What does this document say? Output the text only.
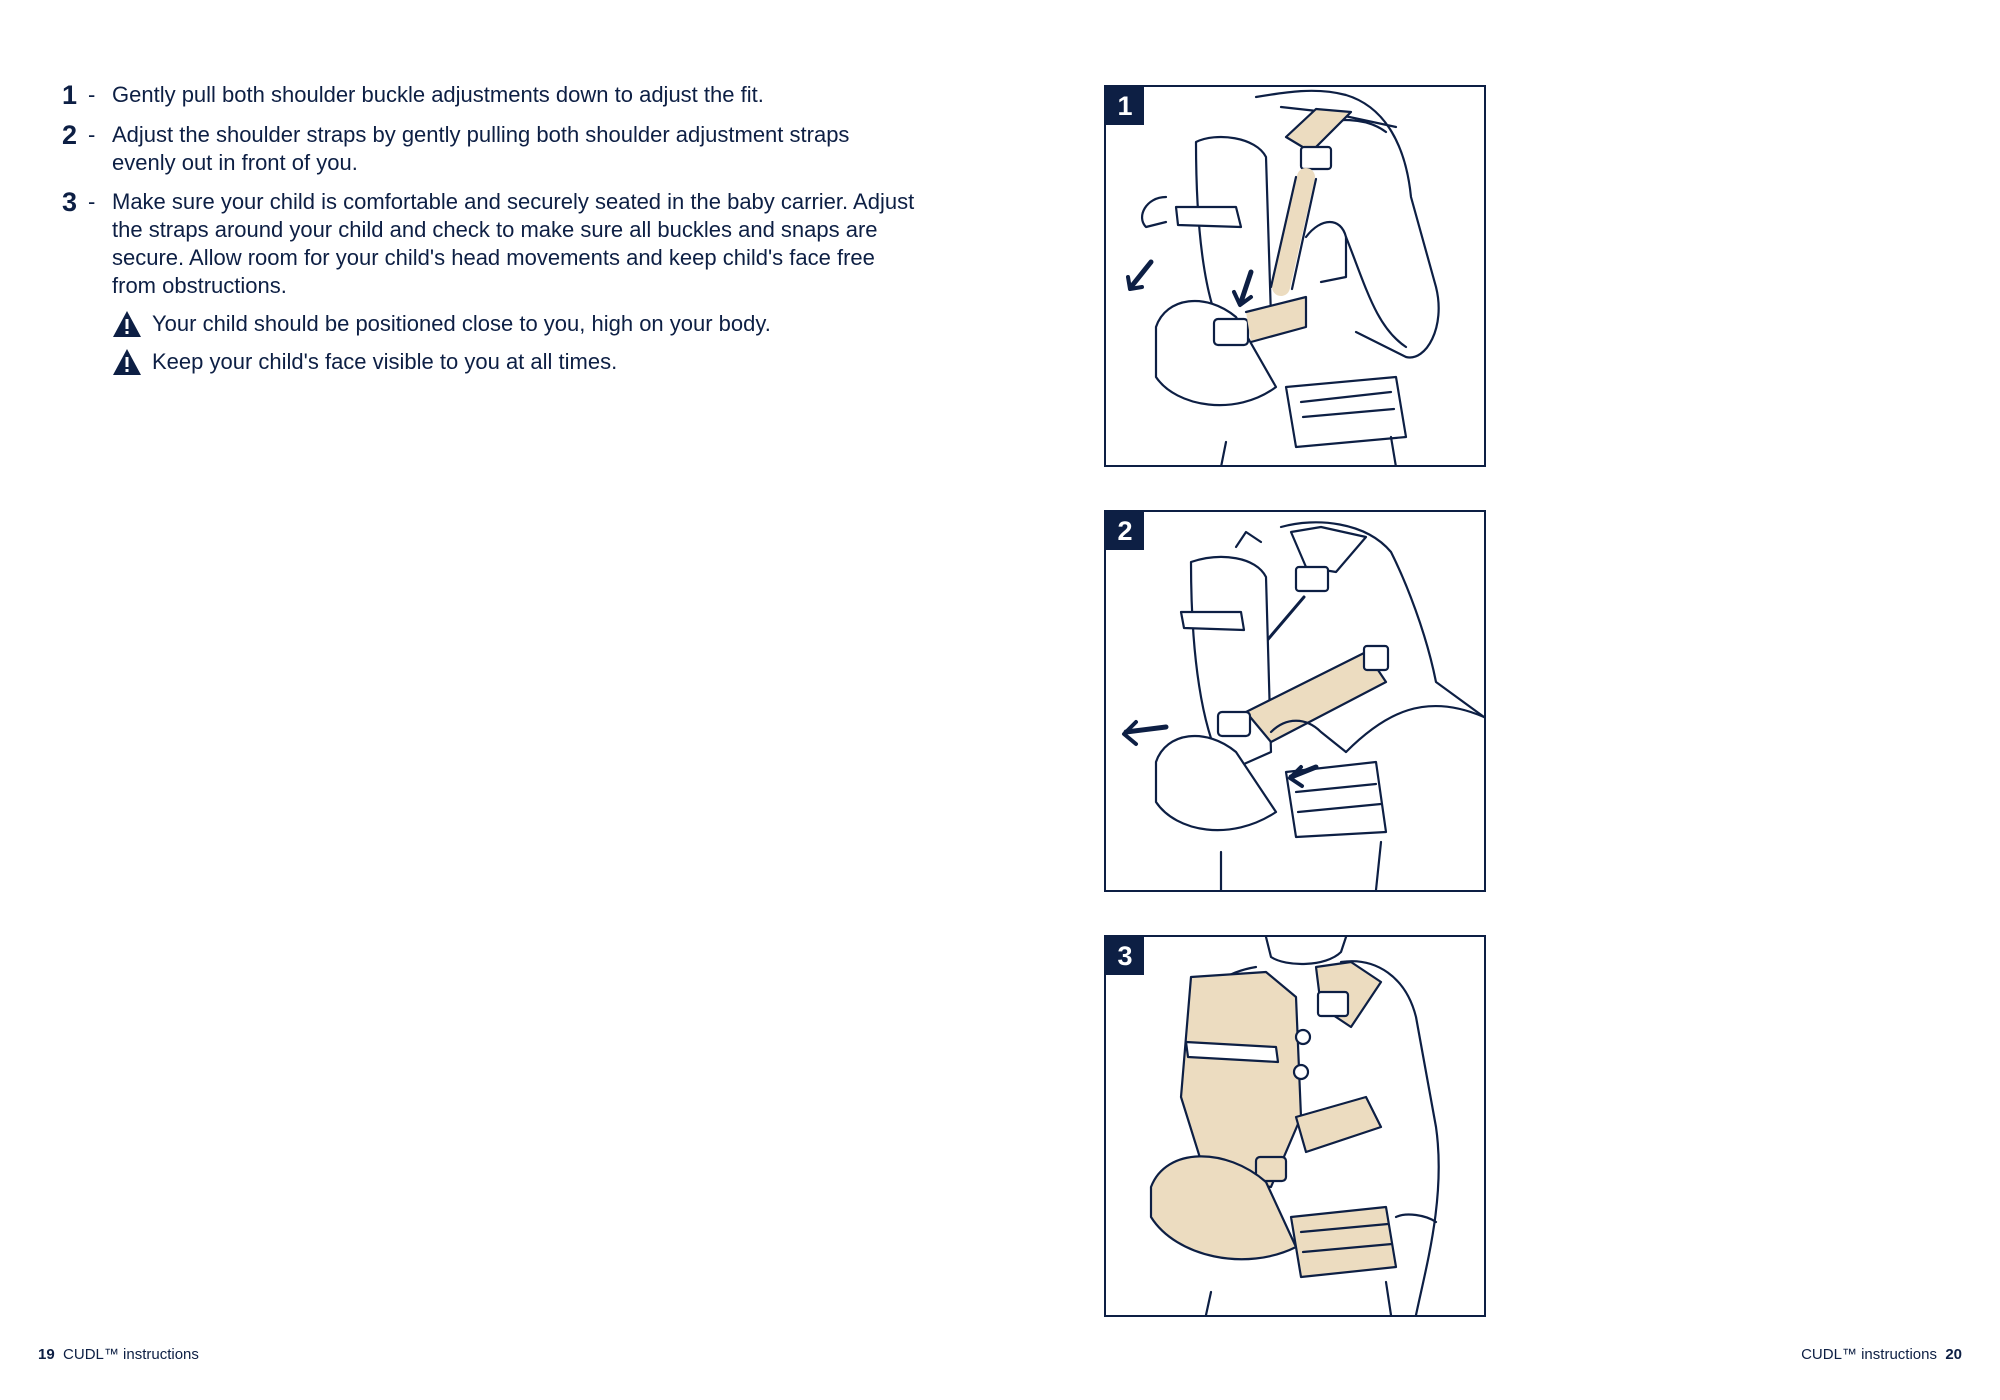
1 - Gently pull both shoulder buckle adjustments down to adjust the fit.
2 - Adjust the shoulder straps by gently pulling both shoulder adjustment straps evenly out in front of you.
3 - Make sure your child is comfortable and securely seated in the baby carrier. Adjust the straps around your child and check to make sure all buckles and snaps are secure. Allow room for your child's head movements and keep child's face free from obstructions.
Your child should be positioned close to you, high on your body.
Keep your child's face visible to you at all times.
1
2
3
19 CUDL™ instructions	CUDL™ instructions 20
